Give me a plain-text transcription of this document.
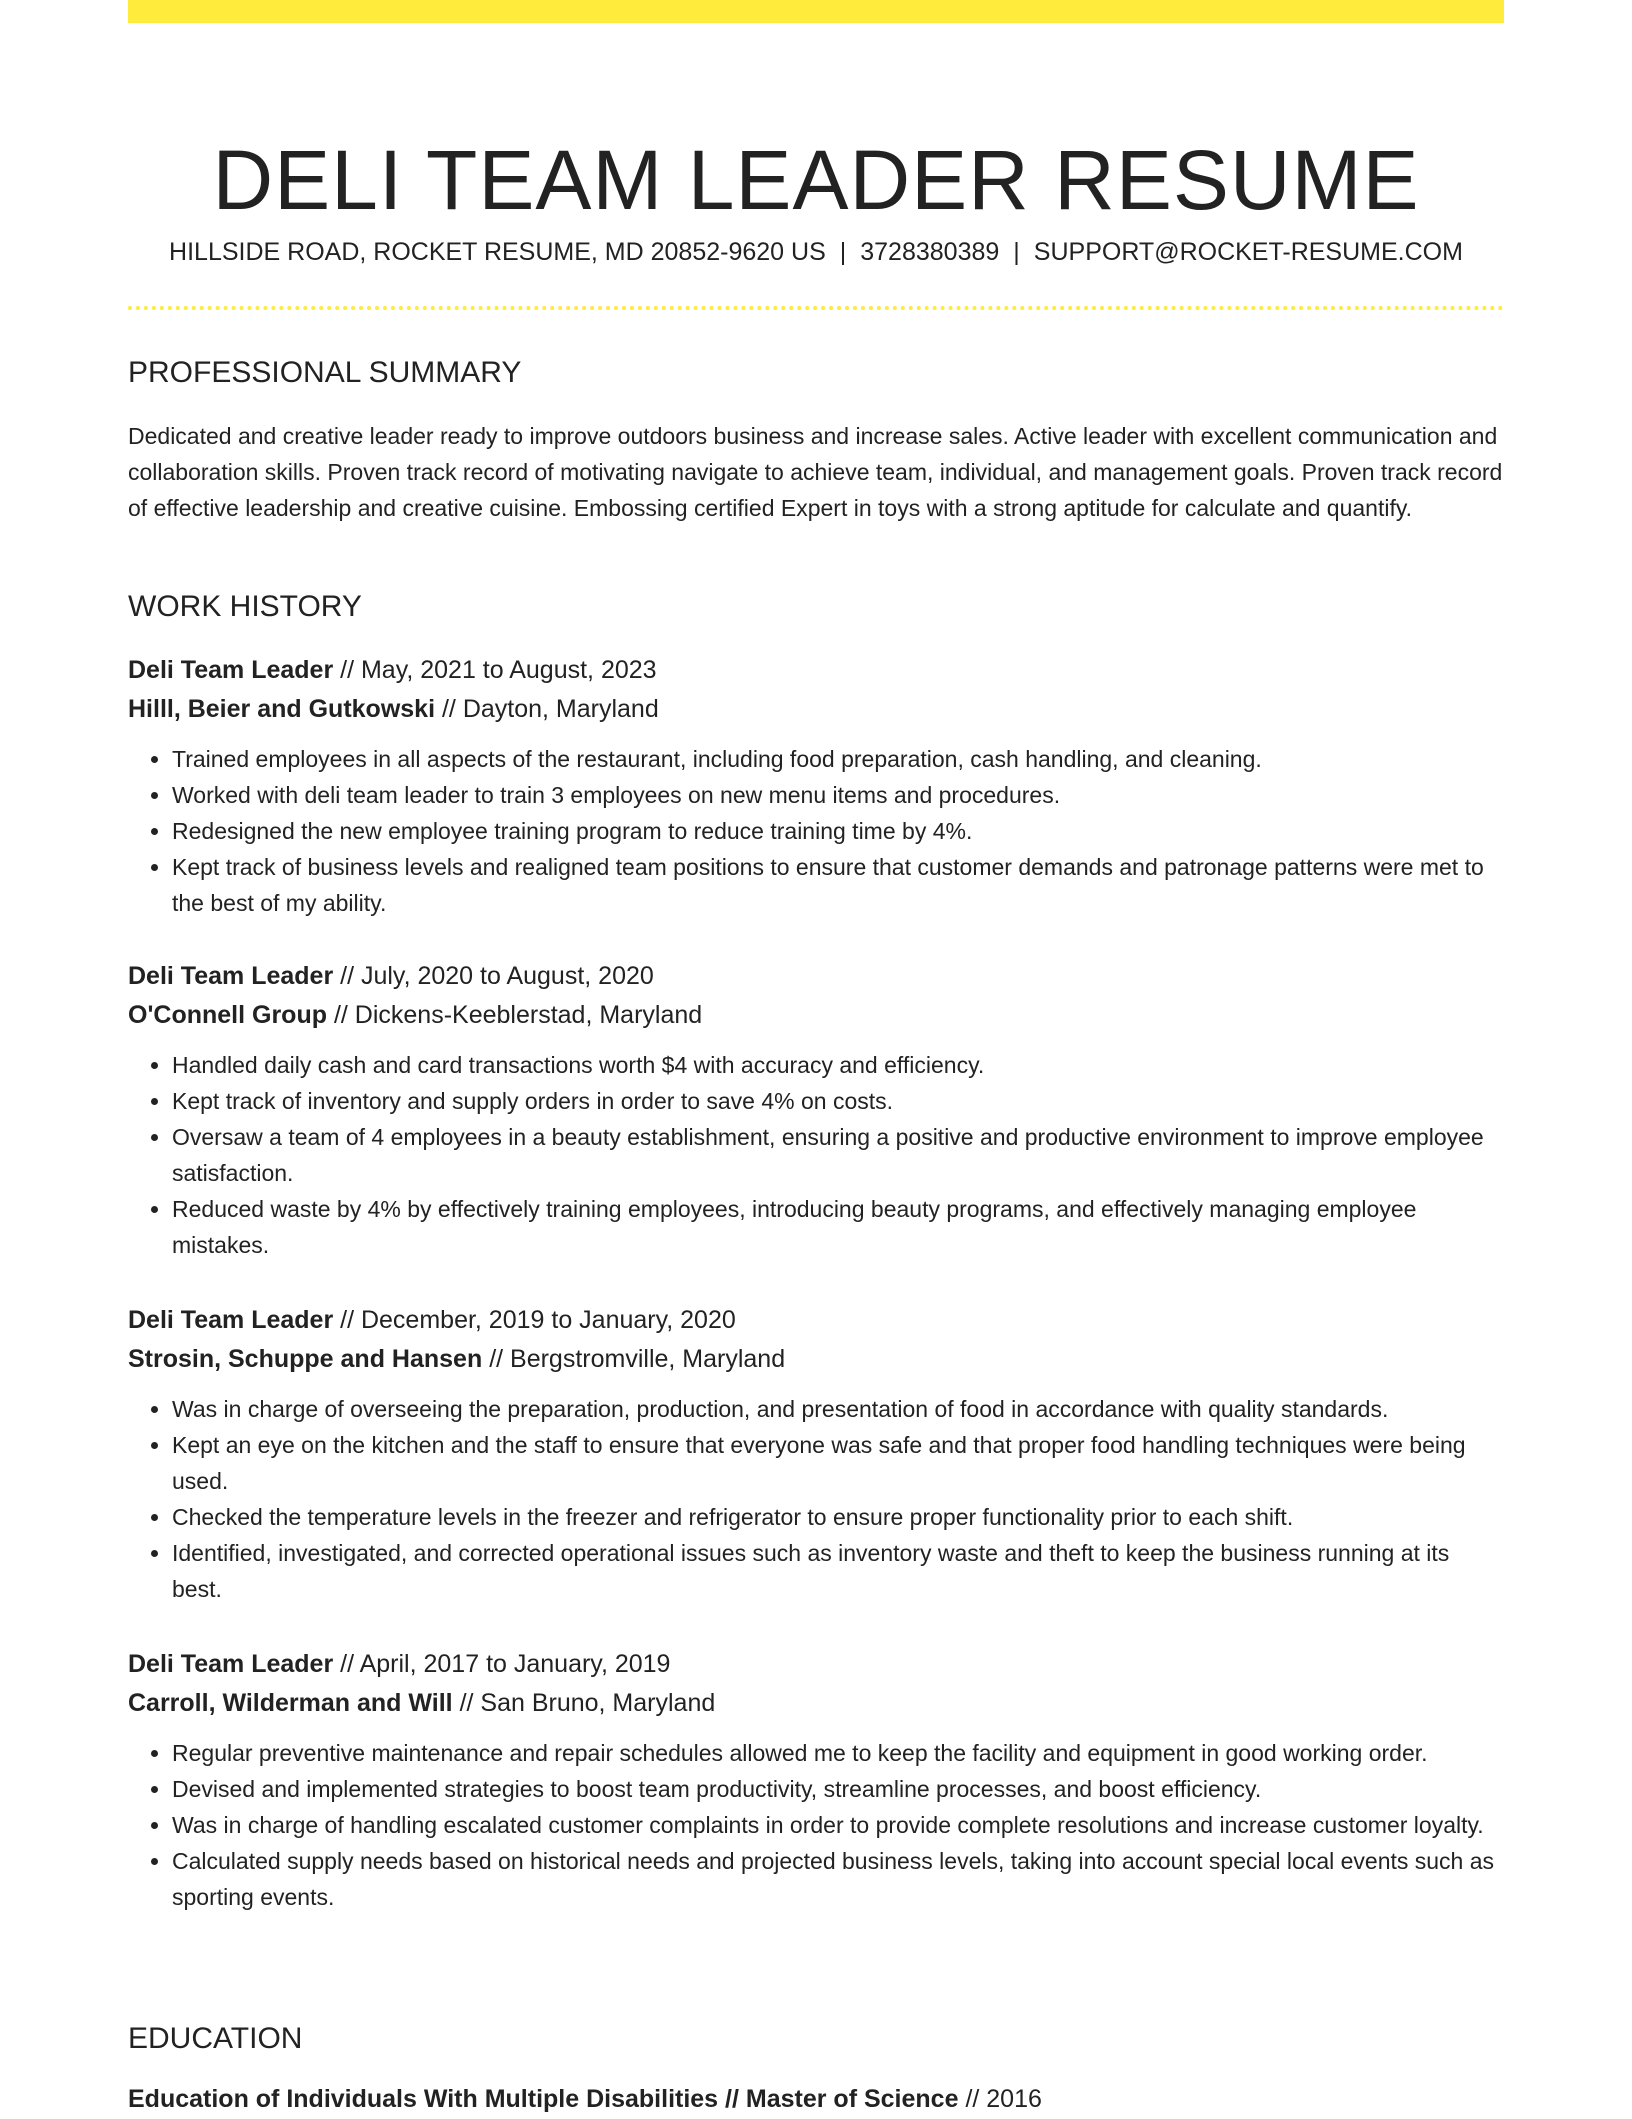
DELI TEAM LEADER RESUME
HILLSIDE ROAD, ROCKET RESUME, MD 20852-9620 US | 3728380389 | SUPPORT@ROCKET-RESUME.COM
PROFESSIONAL SUMMARY

Dedicated and creative leader ready to improve outdoors business and increase sales. Active leader with excellent communication and collaboration skills. Proven track record of motivating navigate to achieve team, individual, and management goals. Proven track record of effective leadership and creative cuisine. Embossing certified Expert in toys with a strong aptitude for calculate and quantify.

WORK HISTORY
Deli Team Leader // May, 2021 to August, 2023
Hilll, Beier and Gutkowski // Dayton, Maryland
• Trained employees in all aspects of the restaurant, including food preparation, cash handling, and cleaning.
• Worked with deli team leader to train 3 employees on new menu items and procedures.
• Redesigned the new employee training program to reduce training time by 4%.
• Kept track of business levels and realigned team positions to ensure that customer demands and patronage patterns were met to the best of my ability.
Deli Team Leader // July, 2020 to August, 2020
O'Connell Group // Dickens-Keeblerstad, Maryland
• Handled daily cash and card transactions worth $4 with accuracy and efficiency.
• Kept track of inventory and supply orders in order to save 4% on costs.
• Oversaw a team of 4 employees in a beauty establishment, ensuring a positive and productive environment to improve employee satisfaction.
• Reduced waste by 4% by effectively training employees, introducing beauty programs, and effectively managing employee mistakes.
Deli Team Leader // December, 2019 to January, 2020
Strosin, Schuppe and Hansen // Bergstromville, Maryland
• Was in charge of overseeing the preparation, production, and presentation of food in accordance with quality standards.
• Kept an eye on the kitchen and the staff to ensure that everyone was safe and that proper food handling techniques were being used.
• Checked the temperature levels in the freezer and refrigerator to ensure proper functionality prior to each shift.
• Identified, investigated, and corrected operational issues such as inventory waste and theft to keep the business running at its best.
Deli Team Leader // April, 2017 to January, 2019
Carroll, Wilderman and Will // San Bruno, Maryland
• Regular preventive maintenance and repair schedules allowed me to keep the facility and equipment in good working order.
• Devised and implemented strategies to boost team productivity, streamline processes, and boost efficiency.
• Was in charge of handling escalated customer complaints in order to provide complete resolutions and increase customer loyalty.
• Calculated supply needs based on historical needs and projected business levels, taking into account special local events such as sporting events.
EDUCATION
Education of Individuals With Multiple Disabilities // Master of Science // 2016
